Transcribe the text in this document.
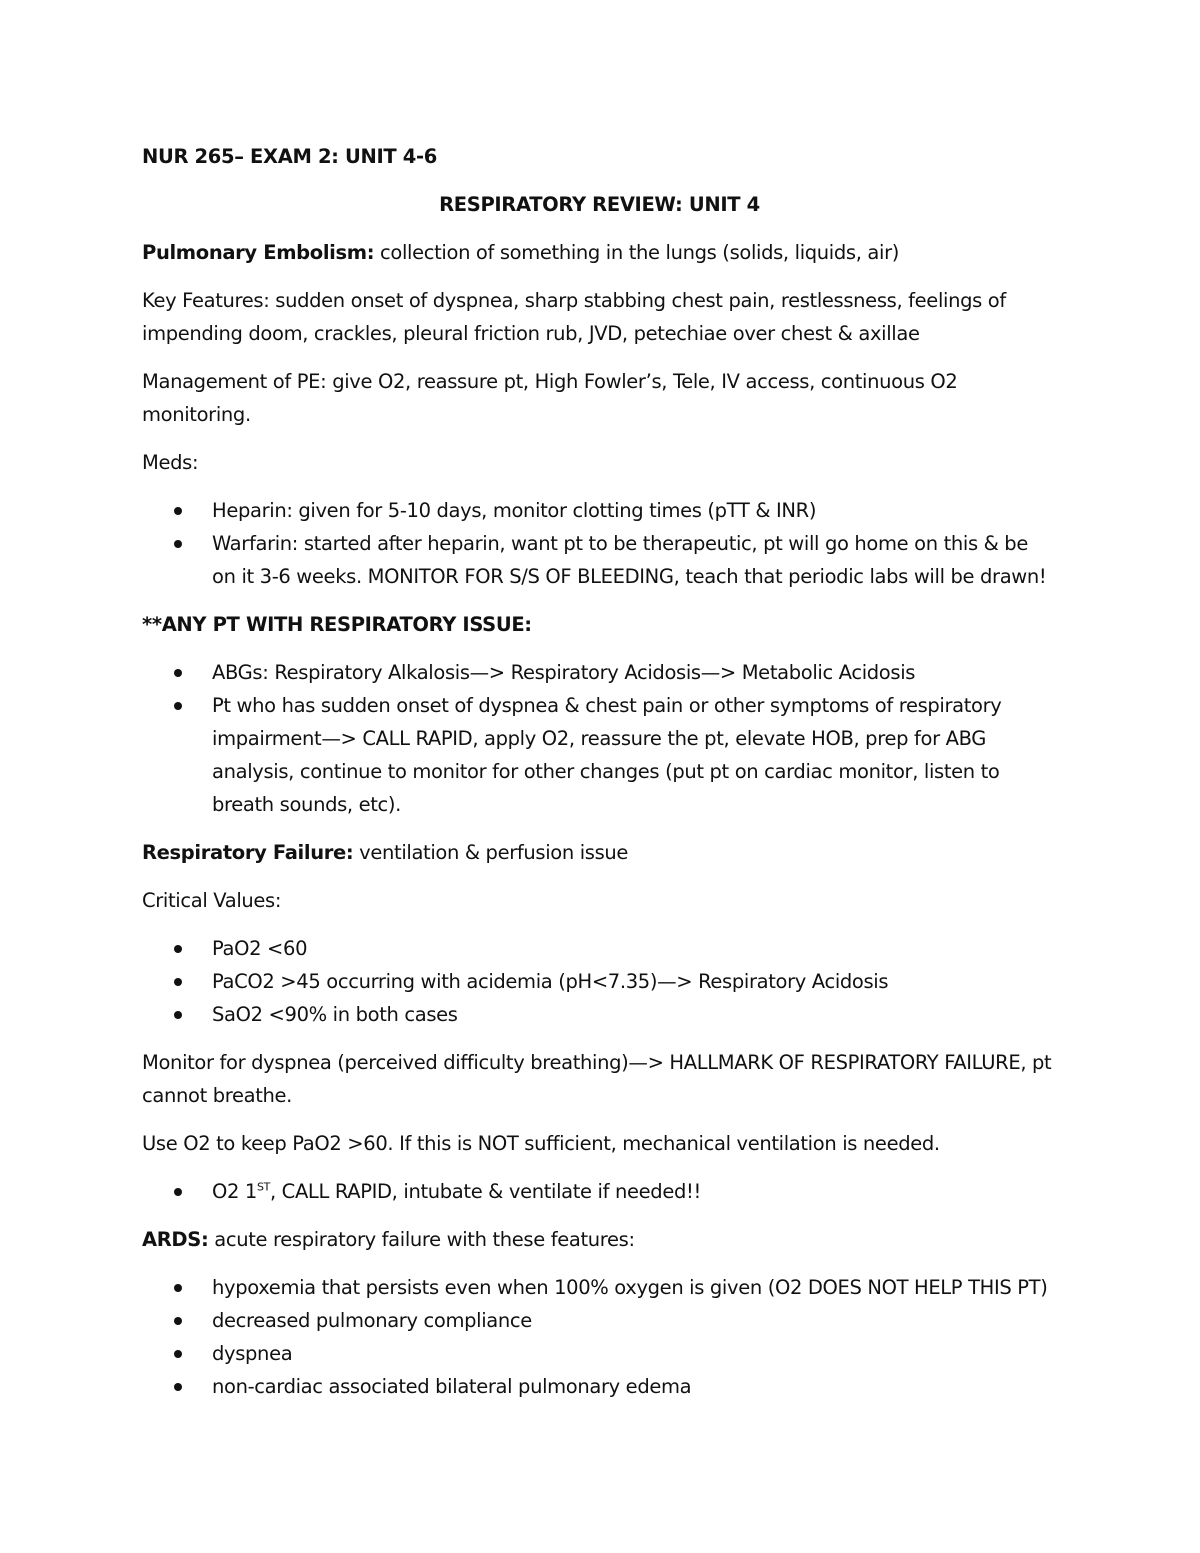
NUR 265– EXAM 2: UNIT 4-6

RESPIRATORY REVIEW: UNIT 4

Pulmonary Embolism: collection of something in the lungs (solids, liquids, air)

Key Features: sudden onset of dyspnea, sharp stabbing chest pain, restlessness, feelings of impending doom, crackles, pleural friction rub, JVD, petechiae over chest & axillae

Management of PE: give O2, reassure pt, High Fowler’s, Tele, IV access, continuous O2 monitoring.

Meds:

Heparin: given for 5-10 days, monitor clotting times (pTT & INR)
Warfarin: started after heparin, want pt to be therapeutic, pt will go home on this & be on it 3-6 weeks. MONITOR FOR S/S OF BLEEDING, teach that periodic labs will be drawn!

**ANY PT WITH RESPIRATORY ISSUE:

ABGs: Respiratory Alkalosis—> Respiratory Acidosis—> Metabolic Acidosis
Pt who has sudden onset of dyspnea & chest pain or other symptoms of respiratory impairment—> CALL RAPID, apply O2, reassure the pt, elevate HOB, prep for ABG analysis, continue to monitor for other changes (put pt on cardiac monitor, listen to breath sounds, etc).

Respiratory Failure: ventilation & perfusion issue

Critical Values:

PaO2 <60
PaCO2 >45 occurring with acidemia (pH<7.35)—> Respiratory Acidosis
SaO2 <90% in both cases

Monitor for dyspnea (perceived difficulty breathing)—> HALLMARK OF RESPIRATORY FAILURE, pt cannot breathe.

Use O2 to keep PaO2 >60. If this is NOT sufficient, mechanical ventilation is needed.

O2 1ST, CALL RAPID, intubate & ventilate if needed!!

ARDS: acute respiratory failure with these features:

hypoxemia that persists even when 100% oxygen is given (O2 DOES NOT HELP THIS PT)
decreased pulmonary compliance
dyspnea
non-cardiac associated bilateral pulmonary edema
